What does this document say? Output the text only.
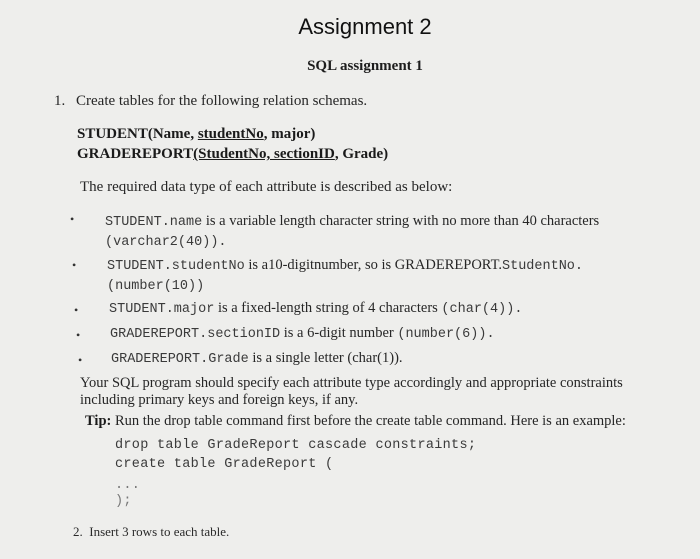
Assignment 2
SQL assignment 1
1. Create tables for the following relation schemas.
STUDENT(Name, studentNo, major)
GRADEREPORT(StudentNo, sectionID, Grade)
The required data type of each attribute is described as below:
• STUDENT.name is a variable length character string with no more than 40 characters
(varchar2(40)).
• STUDENT.studentNo is a10-digitnumber, so is GRADEREPORT.StudentNo.
(number(10))
• STUDENT.major is a fixed-length string of 4 characters (char(4)).
• GRADEREPORT.sectionID is a 6-digit number (number(6)).
• GRADEREPORT.Grade is a single letter (char(1)).
Your SQL program should specify each attribute type accordingly and appropriate constraints including primary keys and foreign keys, if any.
Tip: Run the drop table command first before the create table command. Here is an example:
drop table GradeReport cascade constraints;
create table GradeReport (
...
);
2. Insert 3 rows to each table.
